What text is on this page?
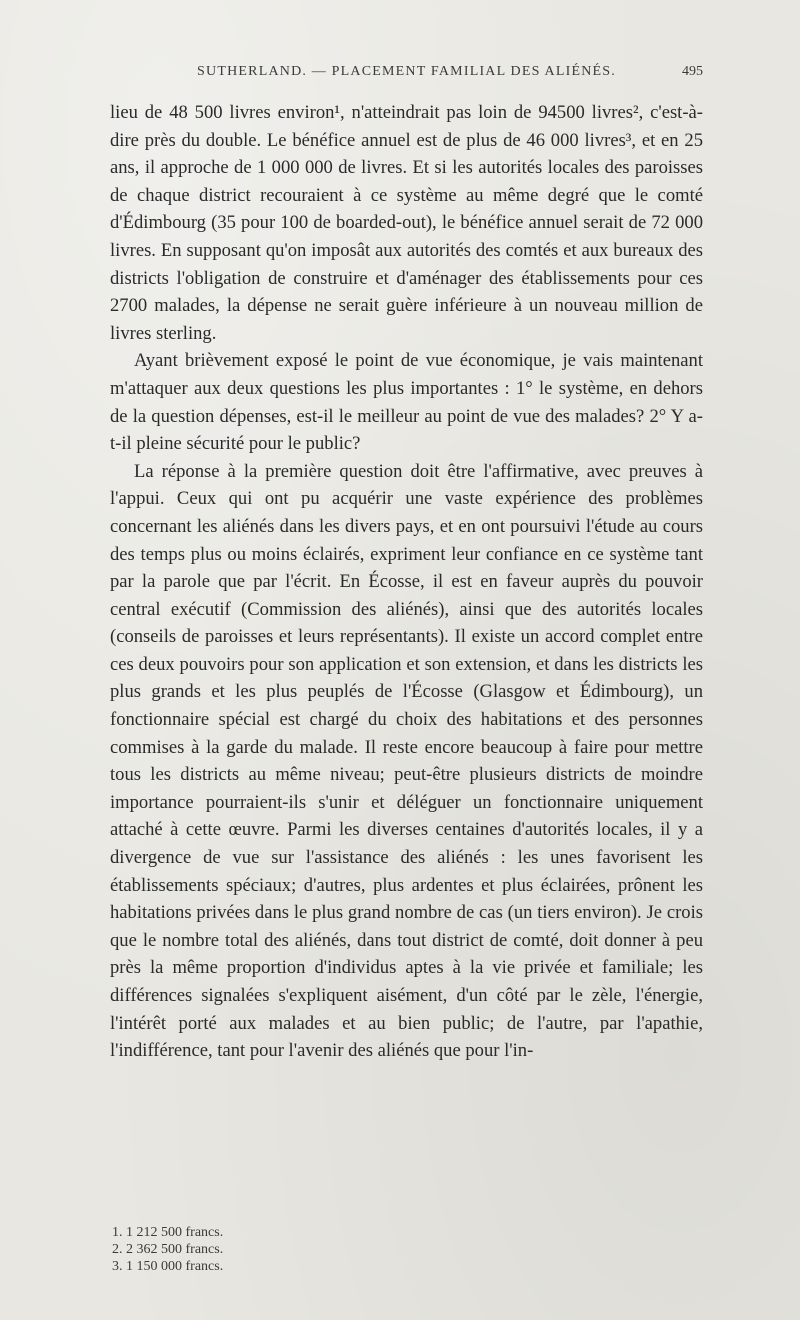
SUTHERLAND. — PLACEMENT FAMILIAL DES ALIÉNÉS.	495

lieu de 48 500 livres environ¹, n'atteindrait pas loin de 94500 livres², c'est-à-dire près du double. Le bénéfice annuel est de plus de 46 000 livres³, et en 25 ans, il approche de 1 000 000 de livres. Et si les autorités locales des paroisses de chaque district recouraient à ce système au même degré que le comté d'Édimbourg (35 pour 100 de boarded-out), le bénéfice annuel serait de 72 000 livres. En supposant qu'on imposât aux autorités des comtés et aux bureaux des districts l'obligation de construire et d'aménager des établissements pour ces 2700 malades, la dépense ne serait guère inférieure à un nouveau million de livres sterling.

Ayant brièvement exposé le point de vue économique, je vais maintenant m'attaquer aux deux questions les plus importantes : 1° le système, en dehors de la question dépenses, est-il le meilleur au point de vue des malades? 2° Y a-t-il pleine sécurité pour le public?

La réponse à la première question doit être l'affirmative, avec preuves à l'appui. Ceux qui ont pu acquérir une vaste expérience des problèmes concernant les aliénés dans les divers pays, et en ont poursuivi l'étude au cours des temps plus ou moins éclairés, expriment leur confiance en ce système tant par la parole que par l'écrit. En Écosse, il est en faveur auprès du pouvoir central exécutif (Commission des aliénés), ainsi que des autorités locales (conseils de paroisses et leurs représentants). Il existe un accord complet entre ces deux pouvoirs pour son application et son extension, et dans les districts les plus grands et les plus peuplés de l'Écosse (Glasgow et Édimbourg), un fonctionnaire spécial est chargé du choix des habitations et des personnes commises à la garde du malade. Il reste encore beaucoup à faire pour mettre tous les districts au même niveau; peut-être plusieurs districts de moindre importance pourraient-ils s'unir et déléguer un fonctionnaire uniquement attaché à cette œuvre. Parmi les diverses centaines d'autorités locales, il y a divergence de vue sur l'assistance des aliénés : les unes favorisent les établissements spéciaux; d'autres, plus ardentes et plus éclairées, prônent les habitations privées dans le plus grand nombre de cas (un tiers environ). Je crois que le nombre total des aliénés, dans tout district de comté, doit donner à peu près la même proportion d'individus aptes à la vie privée et familiale; les différences signalées s'expliquent aisément, d'un côté par le zèle, l'énergie, l'intérêt porté aux malades et au bien public; de l'autre, par l'apathie, l'indifférence, tant pour l'avenir des aliénés que pour l'in-

1. 1 212 500 francs.
2. 2 362 500 francs.
3. 1 150 000 francs.
